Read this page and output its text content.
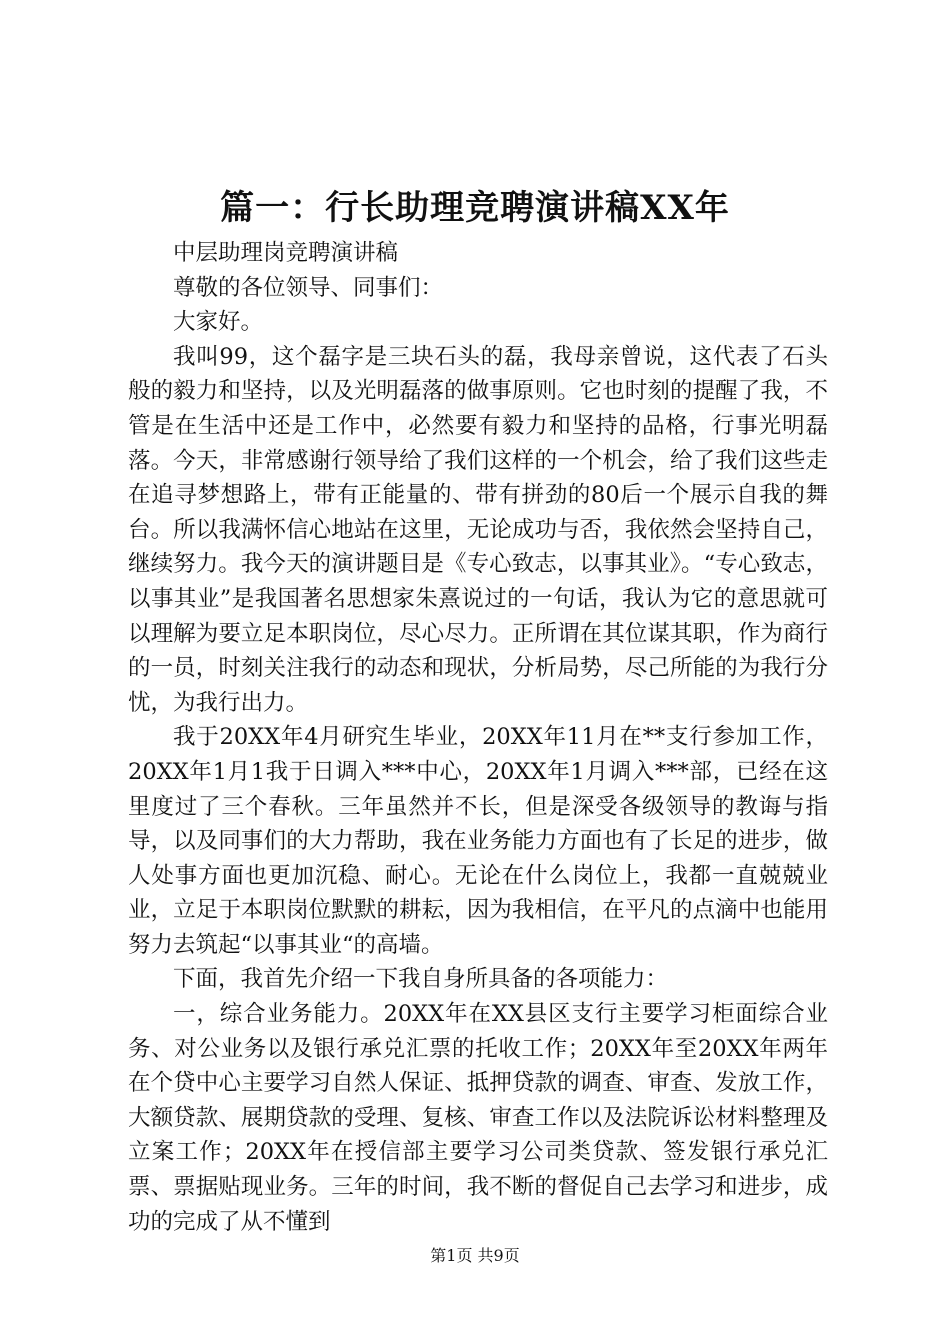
篇一：行长助理竞聘演讲稿XX年

中层助理岗竞聘演讲稿

尊敬的各位领导、同事们：

大家好。

我叫99，这个磊字是三块石头的磊，我母亲曾说，这代表了石头般的毅力和坚持，以及光明磊落的做事原则。它也时刻的提醒了我，不管是在生活中还是工作中，必然要有毅力和坚持的品格，行事光明磊落。今天，非常感谢行领导给了我们这样的一个机会，给了我们这些走在追寻梦想路上，带有正能量的、带有拼劲的80后一个展示自我的舞台。所以我满怀信心地站在这里，无论成功与否，我依然会坚持自己，继续努力。我今天的演讲题目是《专心致志，以事其业》。“专心致志，以事其业”是我国著名思想家朱熹说过的一句话，我认为它的意思就可以理解为要立足本职岗位，尽心尽力。正所谓在其位谋其职，作为商行的一员，时刻关注我行的动态和现状，分析局势，尽己所能的为我行分忧，为我行出力。

我于20XX年4月研究生毕业，20XX年11月在**支行参加工作，20XX年1月1我于日调入***中心，20XX年1月调入***部，已经在这里度过了三个春秋。三年虽然并不长，但是深受各级领导的教诲与指导，以及同事们的大力帮助，我在业务能力方面也有了长足的进步，做人处事方面也更加沉稳、耐心。无论在什么岗位上，我都一直兢兢业业，立足于本职岗位默默的耕耘，因为我相信，在平凡的点滴中也能用努力去筑起“以事其业“的高墙。

下面，我首先介绍一下我自身所具备的各项能力：

一，综合业务能力。20XX年在XX县区支行主要学习柜面综合业务、对公业务以及银行承兑汇票的托收工作；20XX年至20XX年两年在个贷中心主要学习自然人保证、抵押贷款的调查、审查、发放工作，大额贷款、展期贷款的受理、复核、审查工作以及法院诉讼材料整理及立案工作；20XX年在授信部主要学习公司类贷款、签发银行承兑汇票、票据贴现业务。三年的时间，我不断的督促自己去学习和进步，成功的完成了从不懂到

第1页 共9页
